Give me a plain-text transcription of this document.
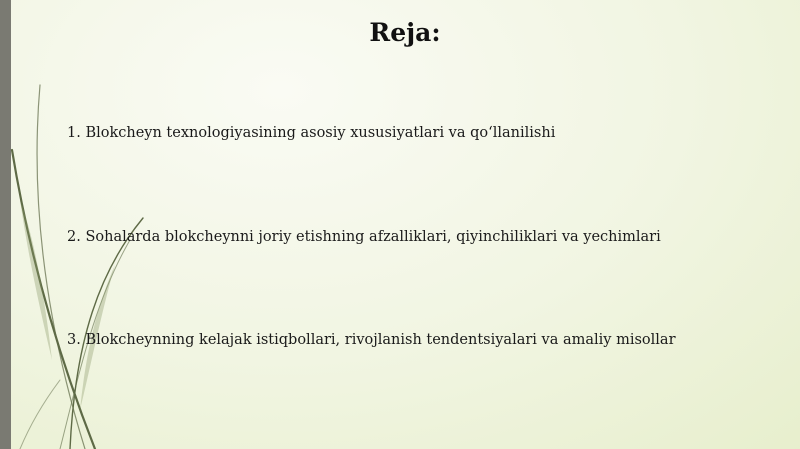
Reja:

1. Blokcheyn texnologiyasining asosiy xususiyatlari va qo‘llanilishi

2. Sohalarda blokcheynni joriy etishning afzalliklari, qiyinchiliklari va yechimlari

3. Blokcheynning kelajak istiqbollari, rivojlanish tendentsiyalari va amaliy misollar
